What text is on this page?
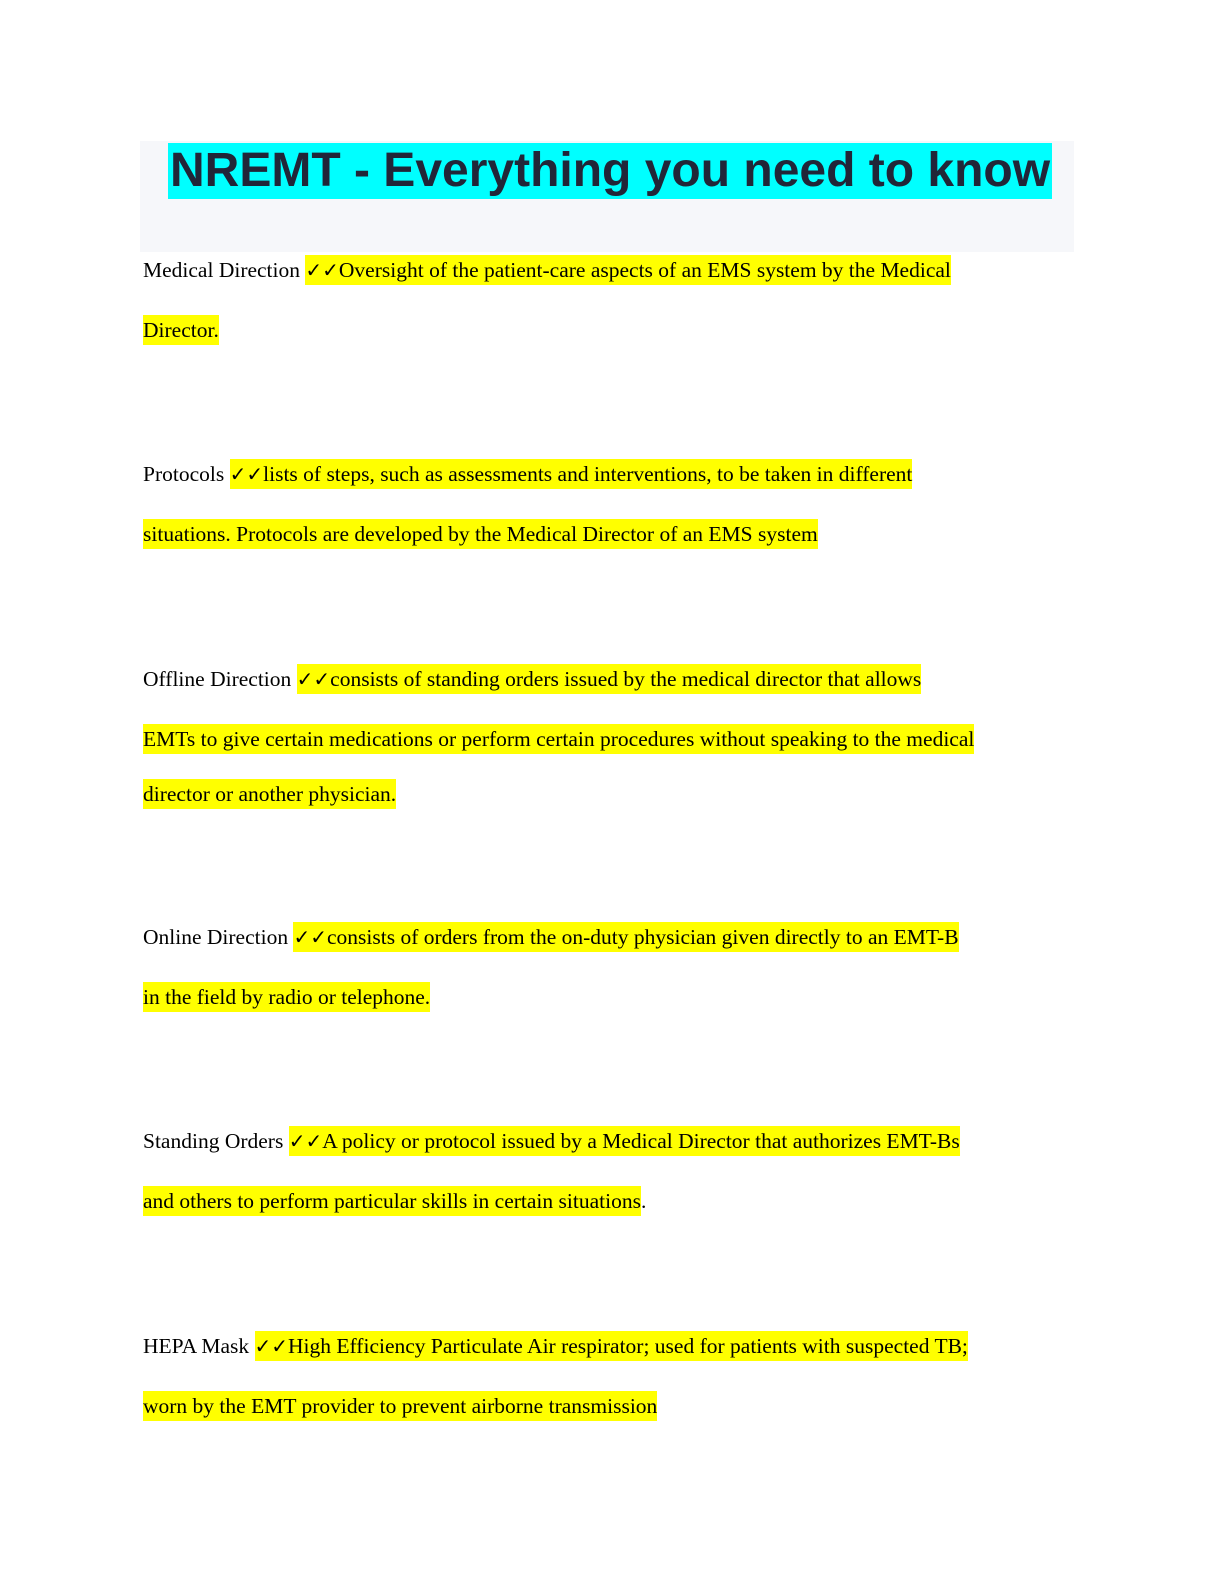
NREMT - Everything you need to know
Medical Direction ✓✓Oversight of the patient-care aspects of an EMS system by the Medical
Director.
Protocols ✓✓lists of steps, such as assessments and interventions, to be taken in different
situations. Protocols are developed by the Medical Director of an EMS system
Offline Direction ✓✓consists of standing orders issued by the medical director that allows
EMTs to give certain medications or perform certain procedures without speaking to the medical
director or another physician.
Online Direction ✓✓consists of orders from the on-duty physician given directly to an EMT-B
in the field by radio or telephone.
Standing Orders ✓✓A policy or protocol issued by a Medical Director that authorizes EMT-Bs
and others to perform particular skills in certain situations.
HEPA Mask ✓✓High Efficiency Particulate Air respirator; used for patients with suspected TB;
worn by the EMT provider to prevent airborne transmission
